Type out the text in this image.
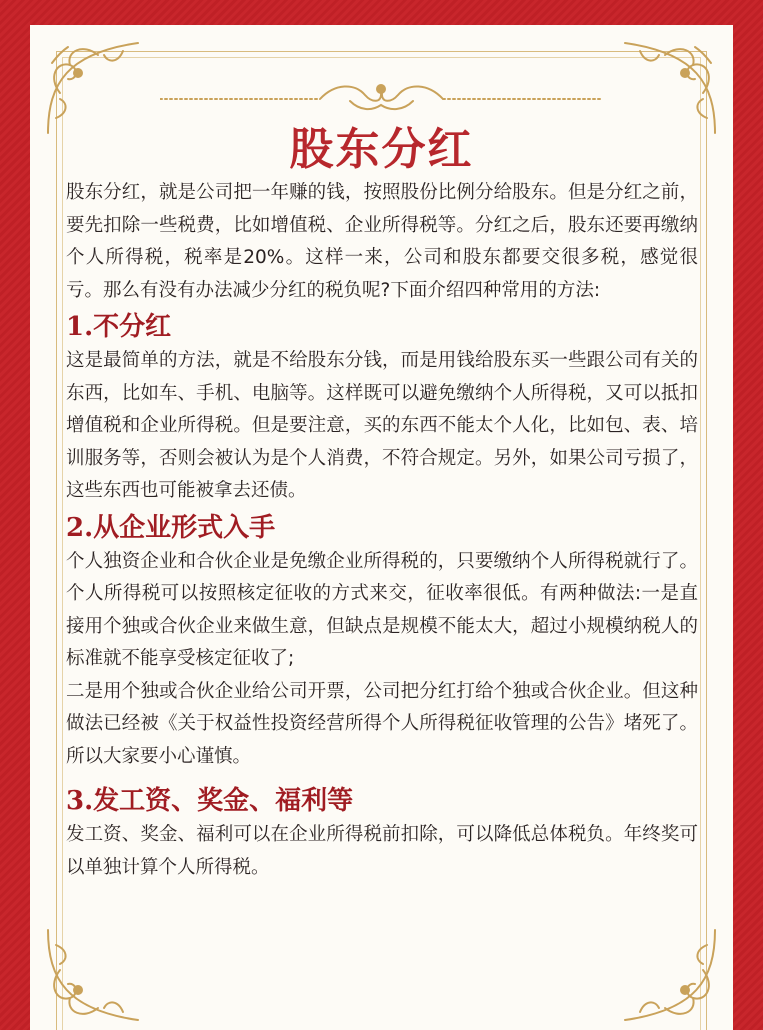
股东分红

股东分红，就是公司把一年赚的钱，按照股份比例分给股东。但是分红之前，要先扣除一些税费，比如增值税、企业所得税等。分红之后，股东还要再缴纳个人所得税，税率是20%。这样一来，公司和股东都要交很多税，感觉很亏。那么有没有办法减少分红的税负呢?下面介绍四种常用的方法:

1.不分红

这是最简单的方法，就是不给股东分钱，而是用钱给股东买一些跟公司有关的东西，比如车、手机、电脑等。这样既可以避免缴纳个人所得税，又可以抵扣增值税和企业所得税。但是要注意，买的东西不能太个人化，比如包、表、培训服务等，否则会被认为是个人消费，不符合规定。另外，如果公司亏损了，这些东西也可能被拿去还债。

2.从企业形式入手

个人独资企业和合伙企业是免缴企业所得税的，只要缴纳个人所得税就行了。个人所得税可以按照核定征收的方式来交，征收率很低。有两种做法:一是直接用个独或合伙企业来做生意，但缺点是规模不能太大，超过小规模纳税人的标准就不能享受核定征收了;

二是用个独或合伙企业给公司开票，公司把分红打给个独或合伙企业。但这种做法已经被《关于权益性投资经营所得个人所得税征收管理的公告》堵死了。所以大家要小心谨慎。

3.发工资、奖金、福利等

发工资、奖金、福利可以在企业所得税前扣除，可以降低总体税负。年终奖可以单独计算个人所得税。
